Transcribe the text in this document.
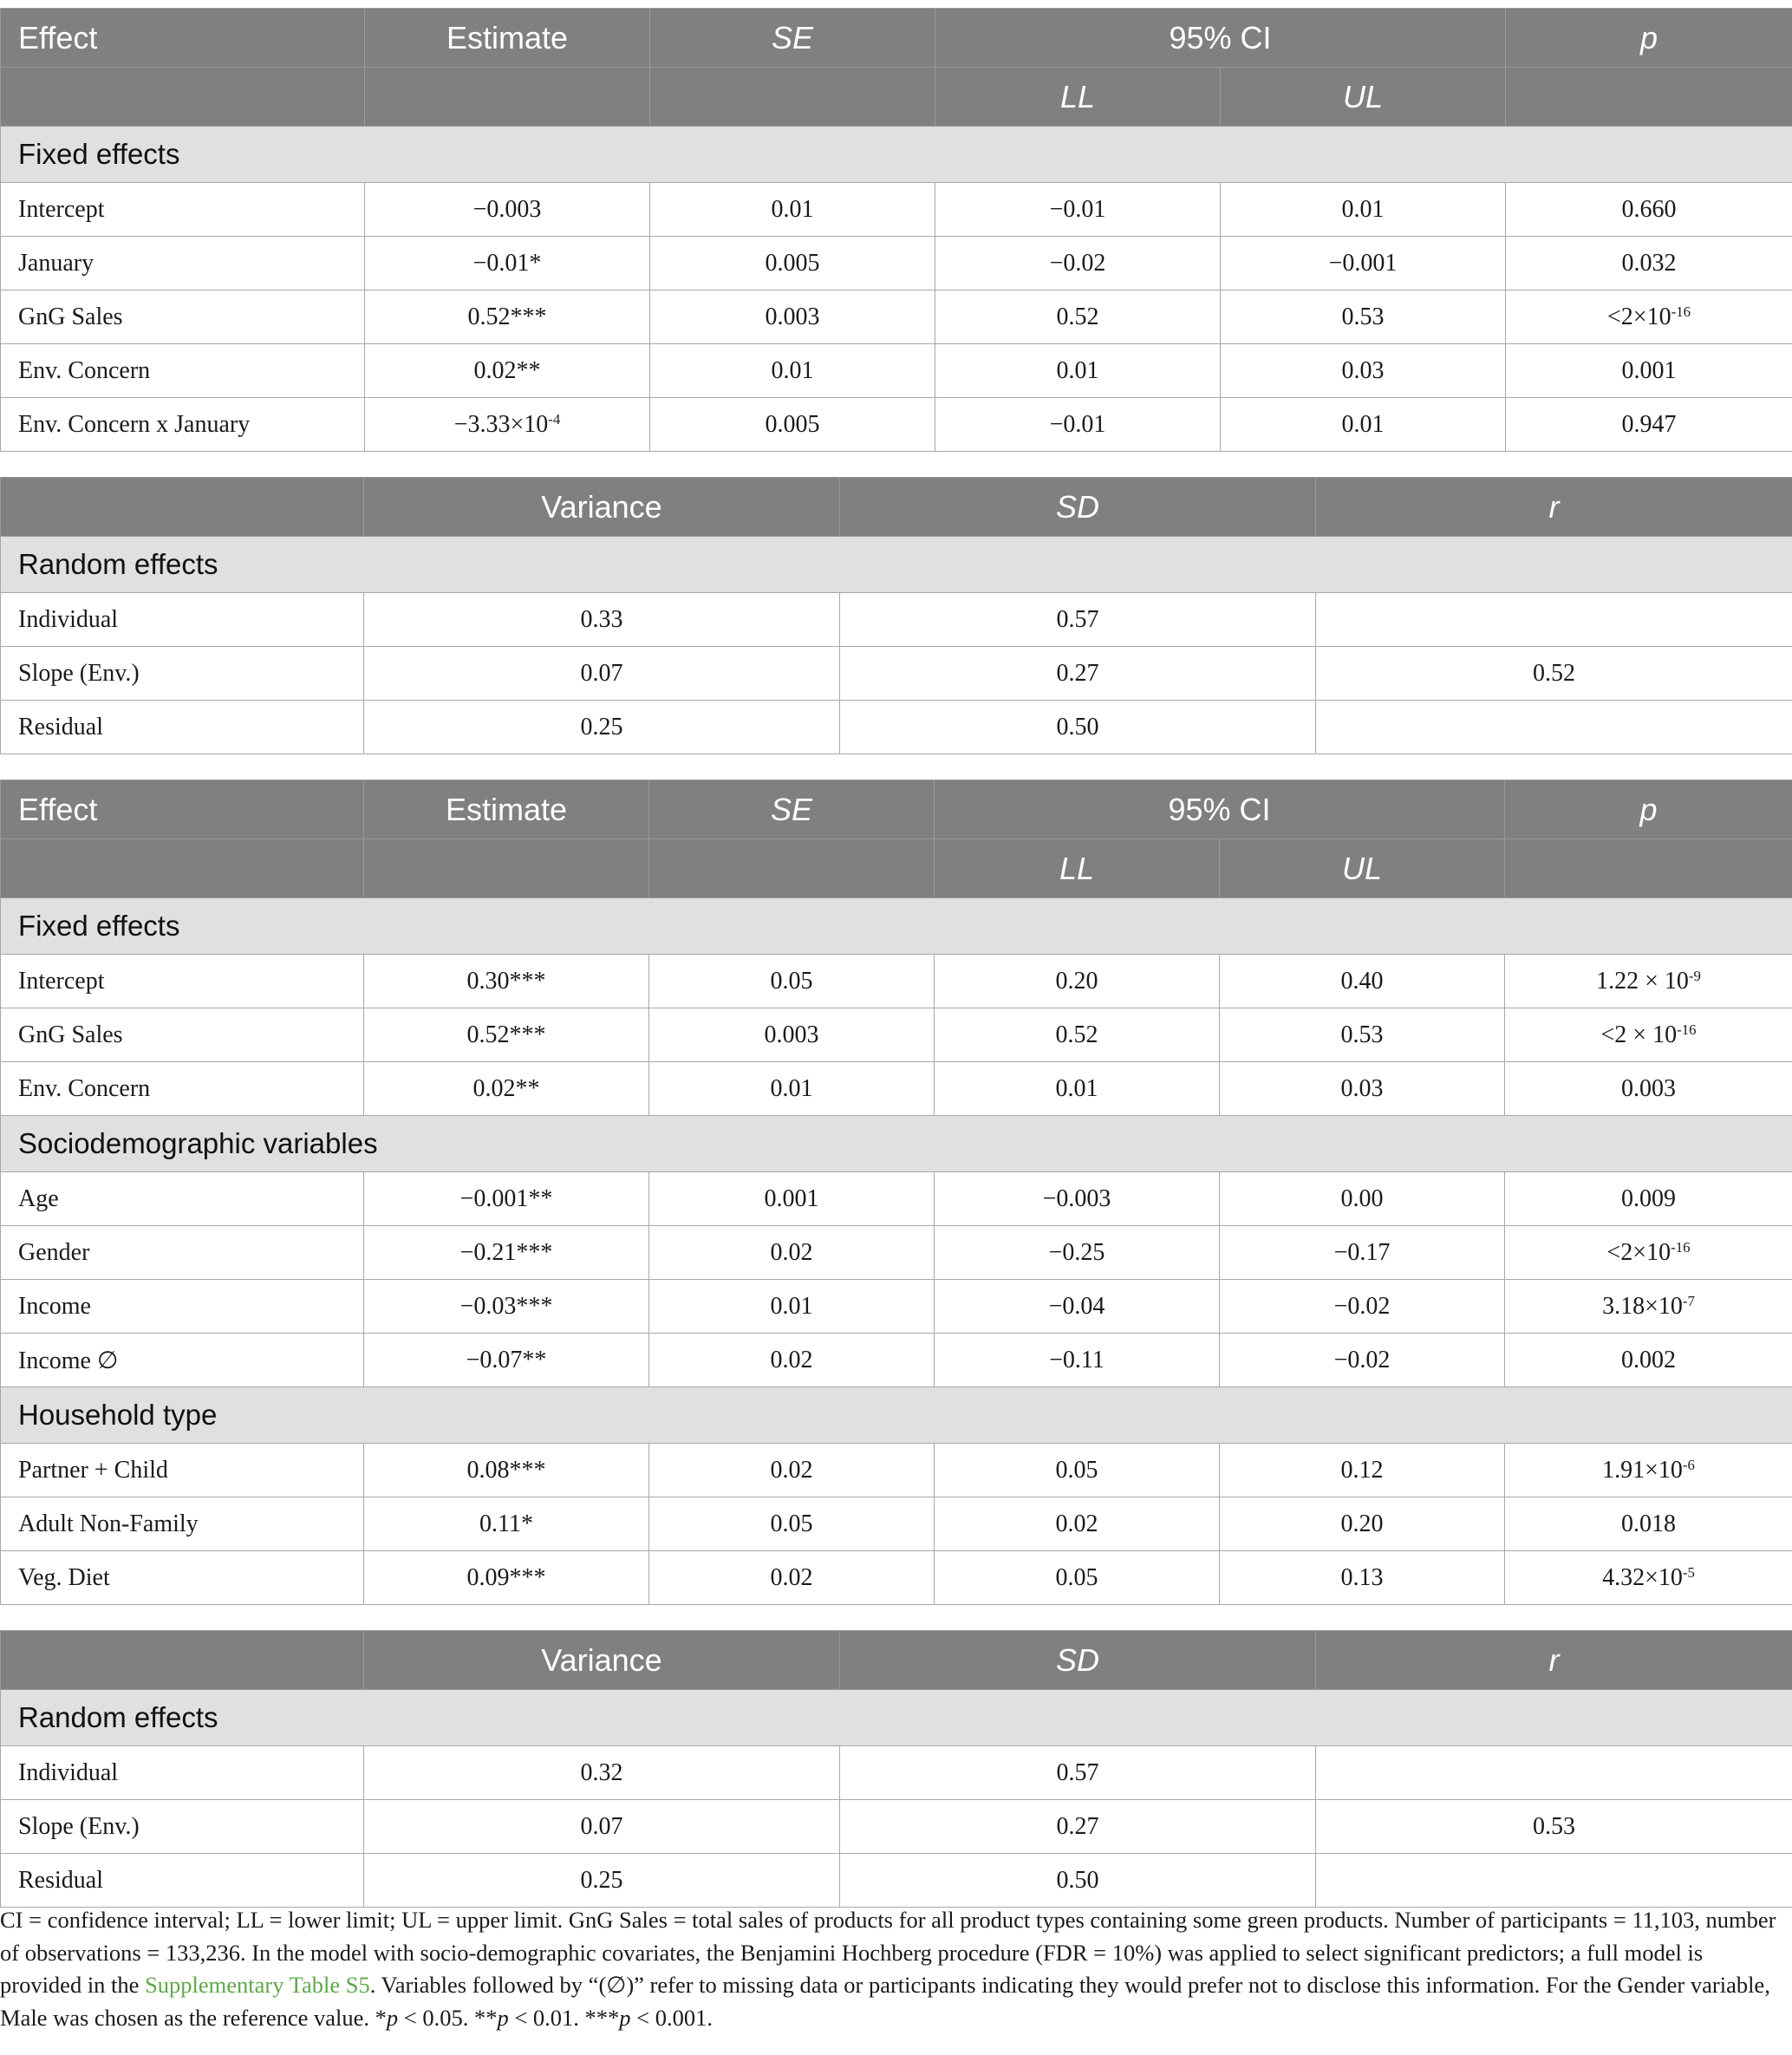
Effect	Estimate	SE	95% CI		p
			LL	UL	
Fixed effects					
Intercept	−0.003	0.01	−0.01	0.01	0.660
January	−0.01*	0.005	−0.02	−0.001	0.032
GnG Sales	0.52***	0.003	0.52	0.53	$<2\times 10^{-16}$
Env. Concern	0.02**	0.01	0.01	0.03	0.001
Env. Concern x January	$-3.33\times 10^{-4}$	0.005	−0.01	0.01	0.947
	Variance	SD	r
Random effects			
Individual	0.33	0.57	
Slope (Env.)	0.07	0.27	0.52
Residual	0.25	0.50	
Effect	Estimate	SE	95% CI		p
			LL	UL	
Fixed effects					
Intercept	0.30***	0.05	0.20	0.40	$1.22 \times 10^{-9}$
GnG Sales	0.52***	0.003	0.52	0.53	$<2 \times 10^{-16}$
Env. Concern	0.02**	0.01	0.01	0.03	0.003
Sociodemographic variables					
Age	−0.001**	0.001	−0.003	0.00	0.009
Gender	−0.21***	0.02	−0.25	−0.17	$<2\times 10^{-16}$
Income	−0.03***	0.01	−0.04	−0.02	$3.18\times 10^{-7}$
Income ∅	−0.07**	0.02	−0.11	−0.02	0.002
Household type					
Partner + Child	0.08***	0.02	0.05	0.12	$1.91\times 10^{-6}$
Adult Non-Family	0.11*	0.05	0.02	0.20	0.018
Veg. Diet	0.09***	0.02	0.05	0.13	$4.32\times 10^{-5}$
	Variance	SD	r
Random effects			
Individual	0.32	0.57	
Slope (Env.)	0.07	0.27	0.53
Residual	0.25	0.50	
CI = confidence interval; LL = lower limit; UL = upper limit. GnG Sales = total sales of products for all product types containing some green products. Number of participants = 11,103, number of observations = 133,236. In the model with socio-demographic covariates, the Benjamini Hochberg procedure (FDR = 10%) was applied to select significant predictors; a full model is provided in the Supplementary Table S5. Variables followed by “(∅)” refer to missing data or participants indicating they would prefer not to disclose this information. For the Gender variable, Male was chosen as the reference value. *p < 0.05. **p < 0.01. ***p < 0.001.
